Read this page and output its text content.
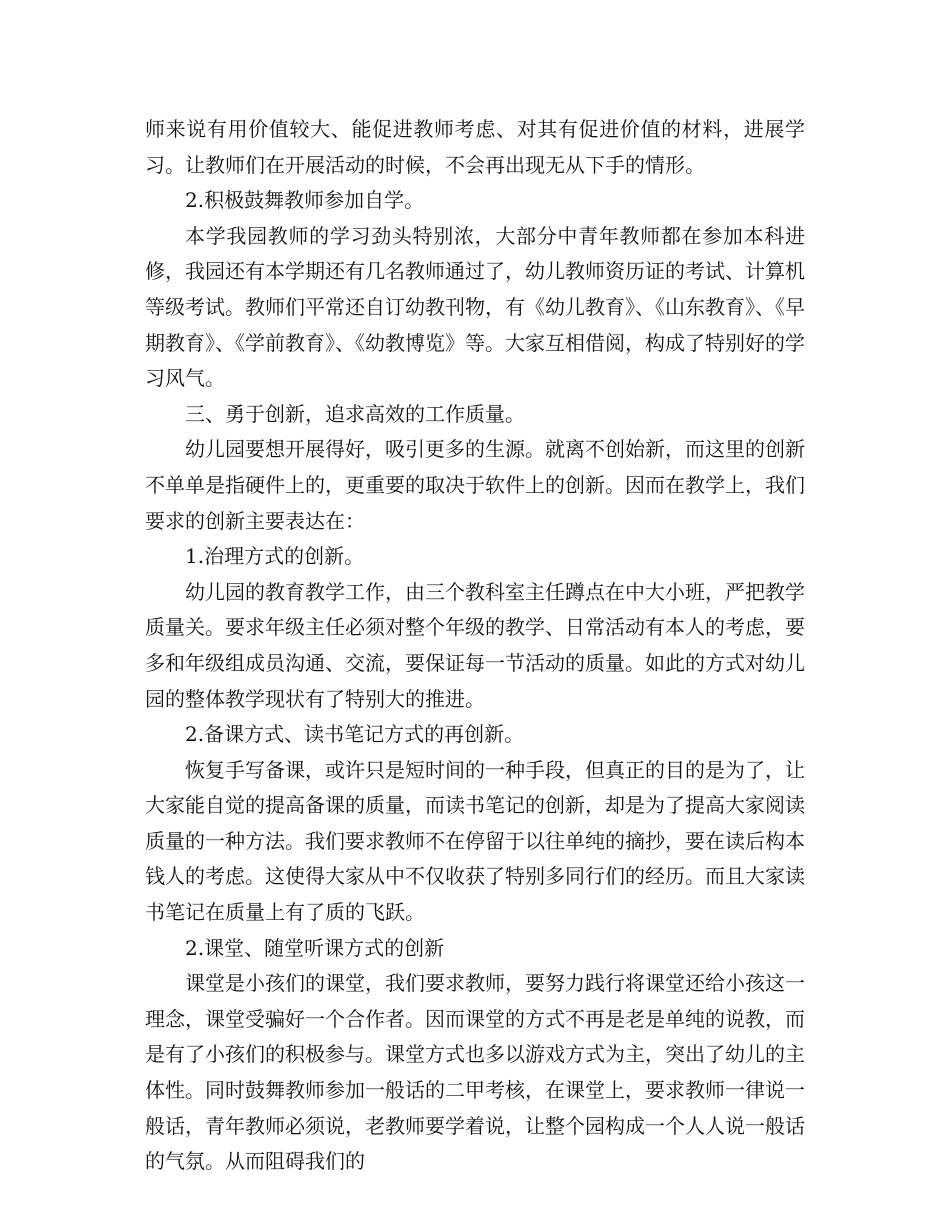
师来说有用价值较大、能促进教师考虑、对其有促进价值的材料，进展学习。让教师们在开展活动的时候，不会再出现无从下手的情形。

2.积极鼓舞教师参加自学。

本学我园教师的学习劲头特别浓，大部分中青年教师都在参加本科进修，我园还有本学期还有几名教师通过了，幼儿教师资历证的考试、计算机等级考试。教师们平常还自订幼教刊物，有《幼儿教育》、《山东教育》、《早期教育》、《学前教育》、《幼教博览》等。大家互相借阅，构成了特别好的学习风气。

三、勇于创新，追求高效的工作质量。

幼儿园要想开展得好，吸引更多的生源。就离不创始新，而这里的创新不单单是指硬件上的，更重要的取决于软件上的创新。因而在教学上，我们要求的创新主要表达在：

1.治理方式的创新。

幼儿园的教育教学工作，由三个教科室主任蹲点在中大小班，严把教学质量关。要求年级主任必须对整个年级的教学、日常活动有本人的考虑，要多和年级组成员沟通、交流，要保证每一节活动的质量。如此的方式对幼儿园的整体教学现状有了特别大的推进。

2.备课方式、读书笔记方式的再创新。

恢复手写备课，或许只是短时间的一种手段，但真正的目的是为了，让大家能自觉的提高备课的质量，而读书笔记的创新，却是为了提高大家阅读质量的一种方法。我们要求教师不在停留于以往单纯的摘抄，要在读后构本钱人的考虑。这使得大家从中不仅收获了特别多同行们的经历。而且大家读书笔记在质量上有了质的飞跃。

2.课堂、随堂听课方式的创新

课堂是小孩们的课堂，我们要求教师，要努力践行将课堂还给小孩这一理念，课堂受骗好一个合作者。因而课堂的方式不再是老是单纯的说教，而是有了小孩们的积极参与。课堂方式也多以游戏方式为主，突出了幼儿的主体性。同时鼓舞教师参加一般话的二甲考核，在课堂上，要求教师一律说一般话，青年教师必须说，老教师要学着说，让整个园构成一个人人说一般话的气氛。从而阻碍我们的
